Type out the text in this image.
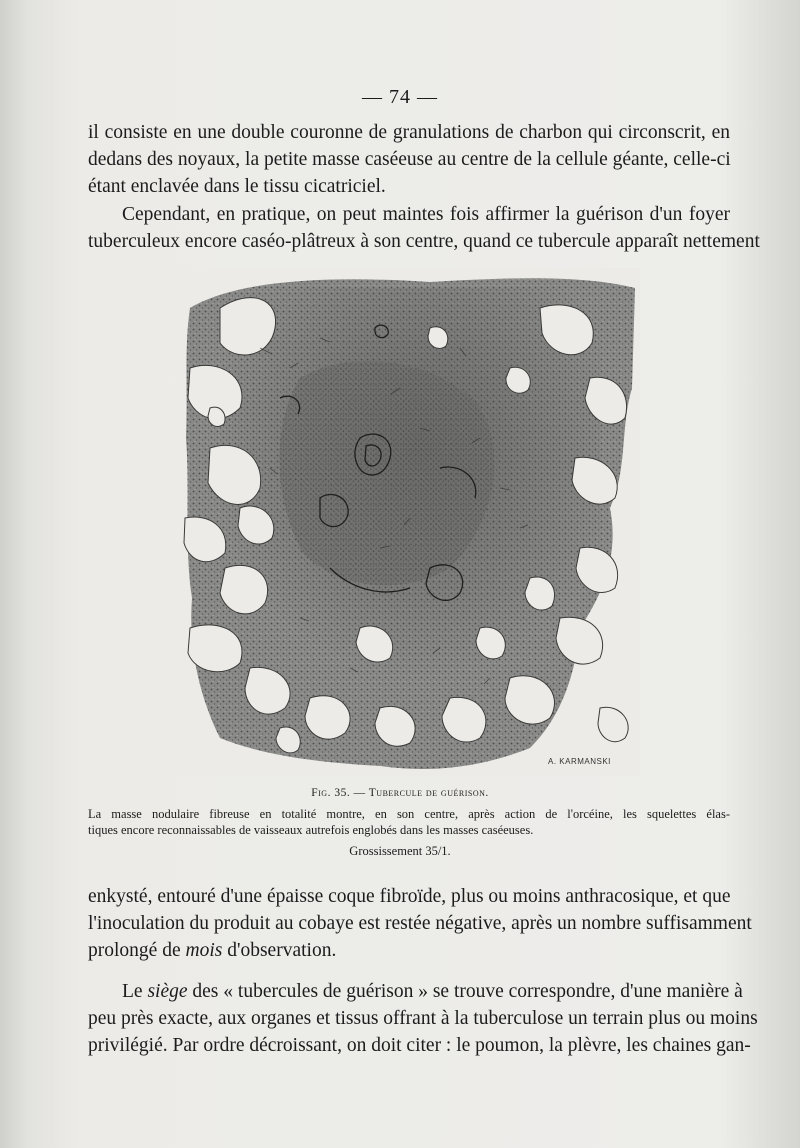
— 74 —
il consiste en une double couronne de granulations de charbon qui circonscrit, en
dedans des noyaux, la petite masse caséeuse au centre de la cellule géante, celle-ci
étant enclavée dans le tissu cicatriciel.
Cependant, en pratique, on peut maintes fois affirmer la guérison d'un foyer
tuberculeux encore caséo-plâtreux à son centre, quand ce tubercule apparaît nettement
A. KARMANSKI
Fig. 35. — Tubercule de guérison.
La masse nodulaire fibreuse en totalité montre, en son centre, après action de l'orcéine, les squelettes élas-
tiques encore reconnaissables de vaisseaux autrefois englobés dans les masses caséeuses.
Grossissement 35/1.
enkysté, entouré d'une épaisse coque fibroïde, plus ou moins anthracosique, et que
l'inoculation du produit au cobaye est restée négative, après un nombre suffisamment
prolongé de mois d'observation.
Le siège des « tubercules de guérison » se trouve correspondre, d'une manière à
peu près exacte, aux organes et tissus offrant à la tuberculose un terrain plus ou moins
privilégié. Par ordre décroissant, on doit citer : le poumon, la plèvre, les chaines gan-
